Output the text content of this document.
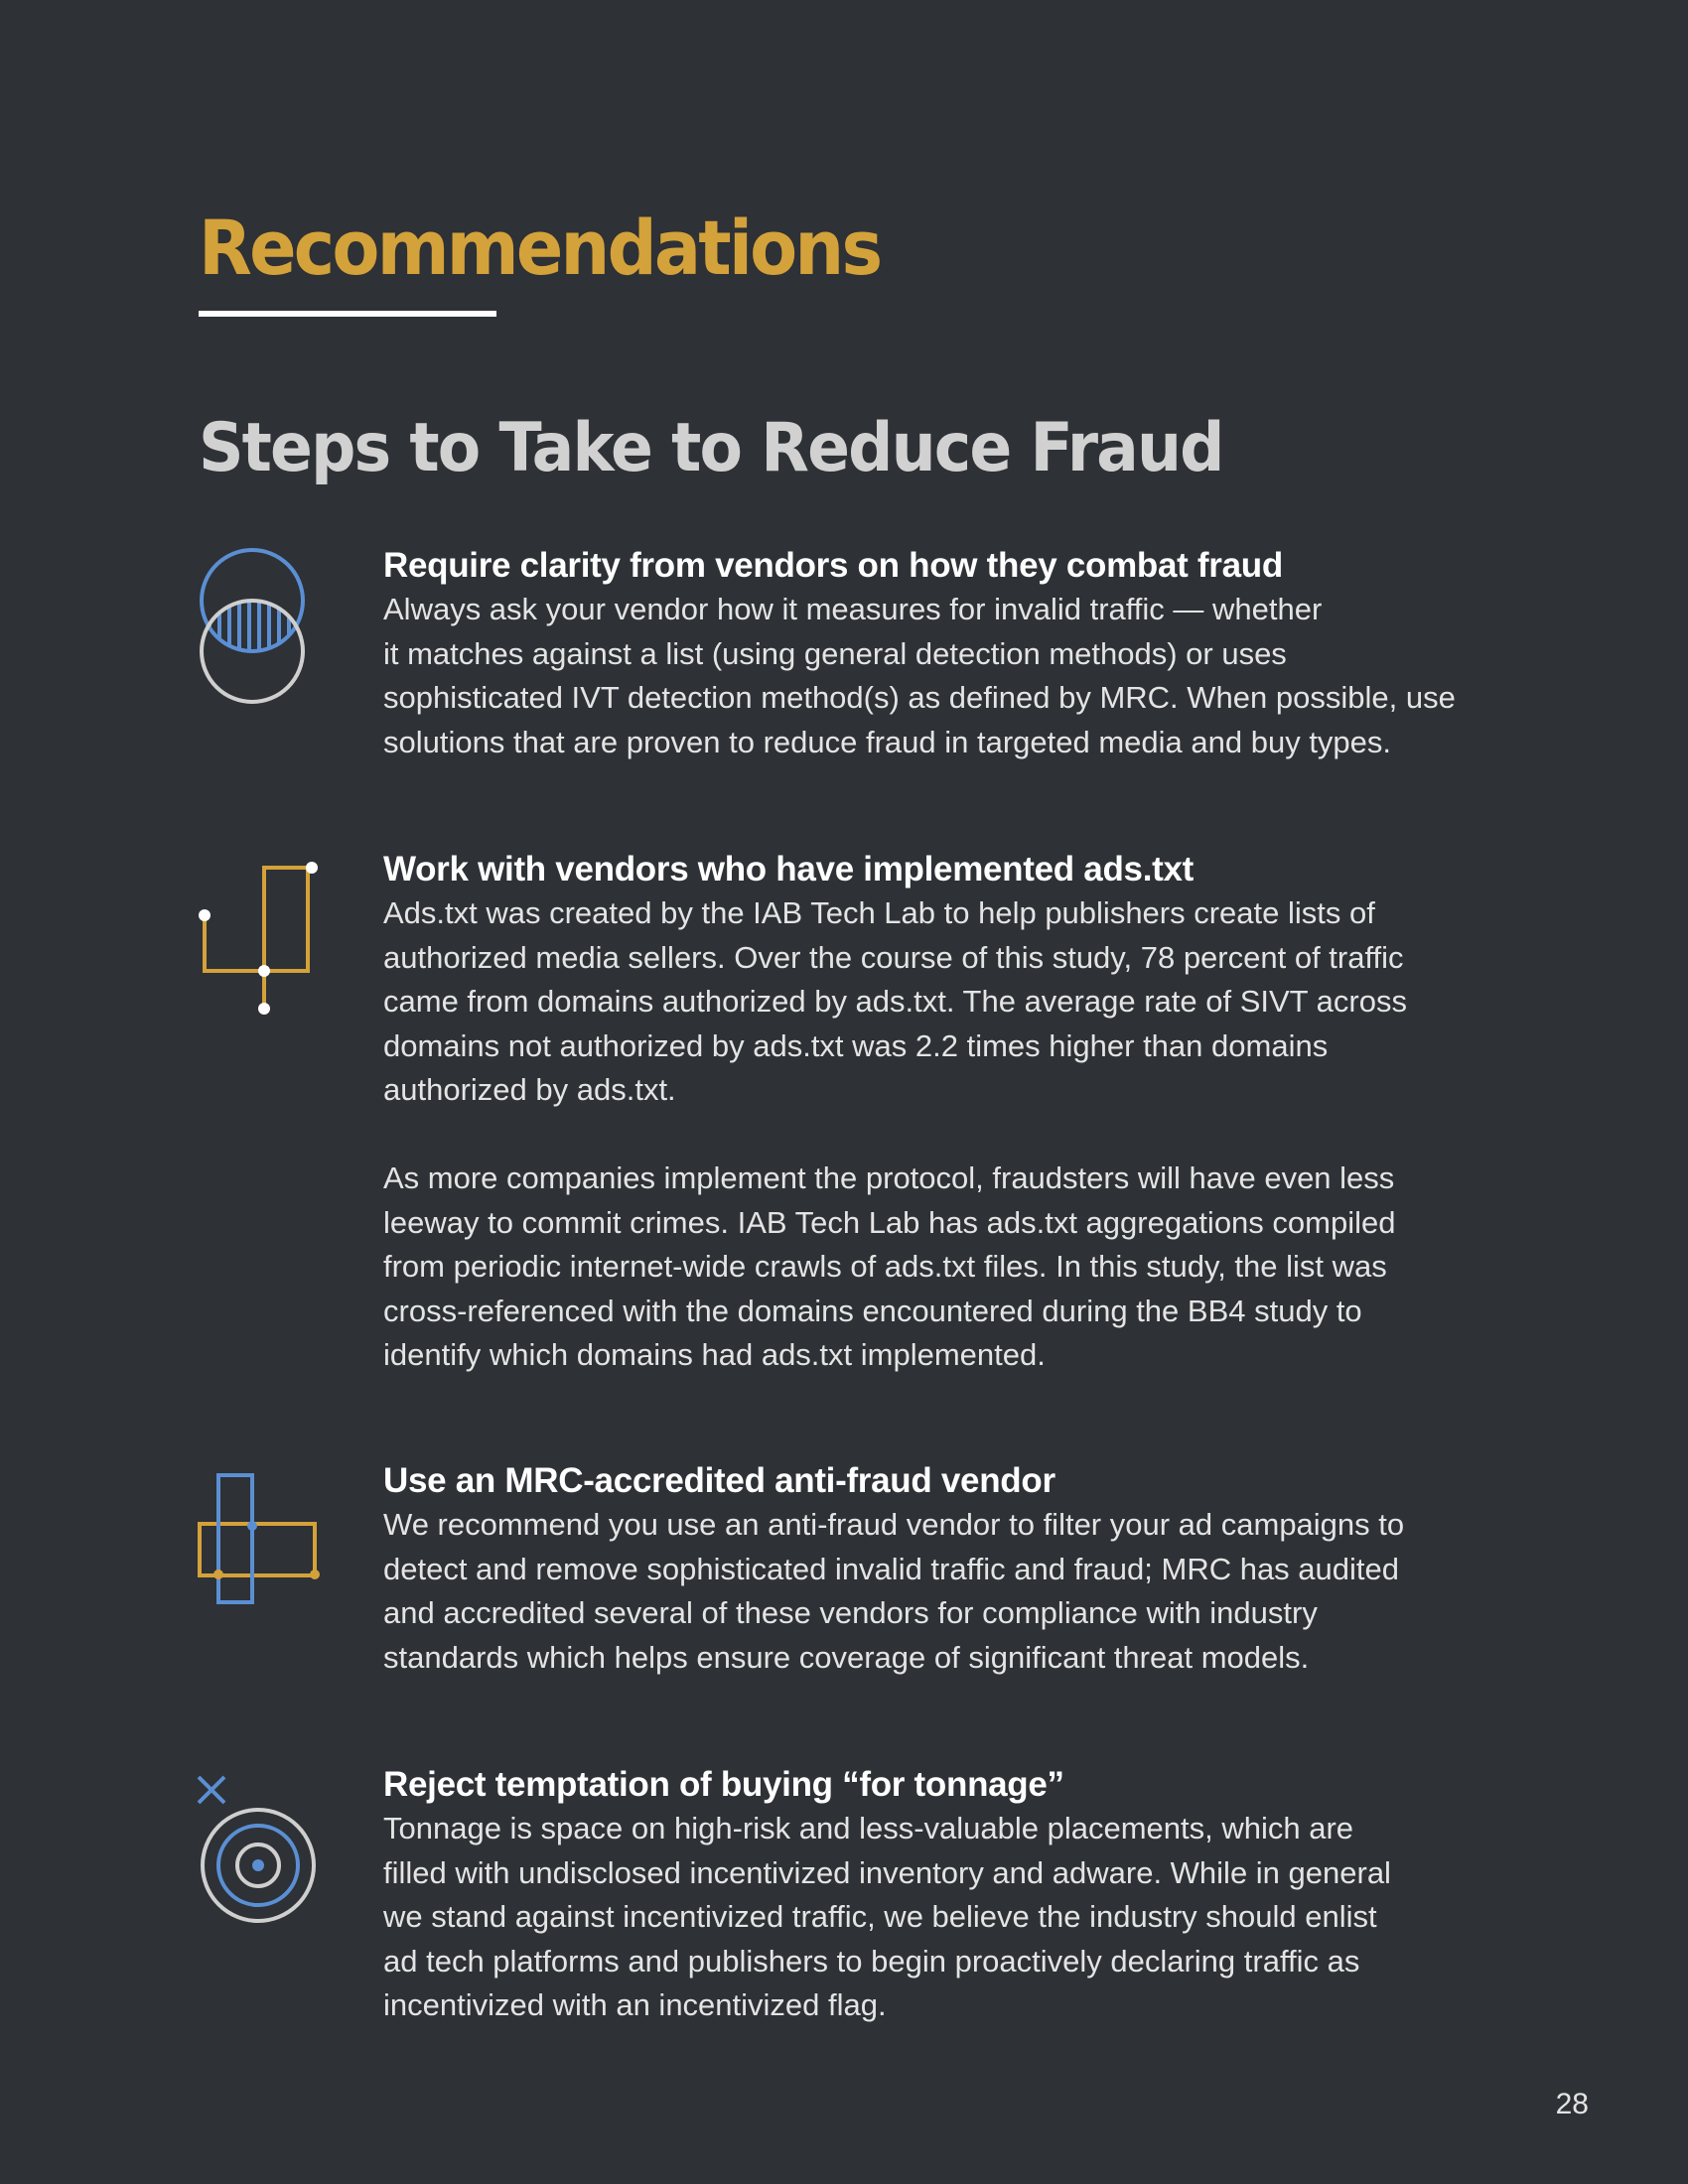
Recommendations
Steps to Take to Reduce Fraud
Require clarity from vendors on how they combat fraud

Always ask your vendor how it measures for invalid traffic — whether
it matches against a list (using general detection methods) or uses
sophisticated IVT detection method(s) as defined by MRC. When possible, use
solutions that are proven to reduce fraud in targeted media and buy types.

Work with vendors who have implemented ads.txt

Ads.txt was created by the IAB Tech Lab to help publishers create lists of
authorized media sellers. Over the course of this study, 78 percent of traffic
came from domains authorized by ads.txt. The average rate of SIVT across
domains not authorized by ads.txt was 2.2 times higher than domains
authorized by ads.txt.

As more companies implement the protocol, fraudsters will have even less
leeway to commit crimes. IAB Tech Lab has ads.txt aggregations compiled
from periodic internet-wide crawls of ads.txt files. In this study, the list was
cross-referenced with the domains encountered during the BB4 study to
identify which domains had ads.txt implemented.

Use an MRC-accredited anti-fraud vendor

We recommend you use an anti-fraud vendor to filter your ad campaigns to
detect and remove sophisticated invalid traffic and fraud; MRC has audited
and accredited several of these vendors for compliance with industry
standards which helps ensure coverage of significant threat models.

Reject temptation of buying “for tonnage”

Tonnage is space on high-risk and less-valuable placements, which are
filled with undisclosed incentivized inventory and adware. While in general
we stand against incentivized traffic, we believe the industry should enlist
ad tech platforms and publishers to begin proactively declaring traffic as
incentivized with an incentivized flag.

28
